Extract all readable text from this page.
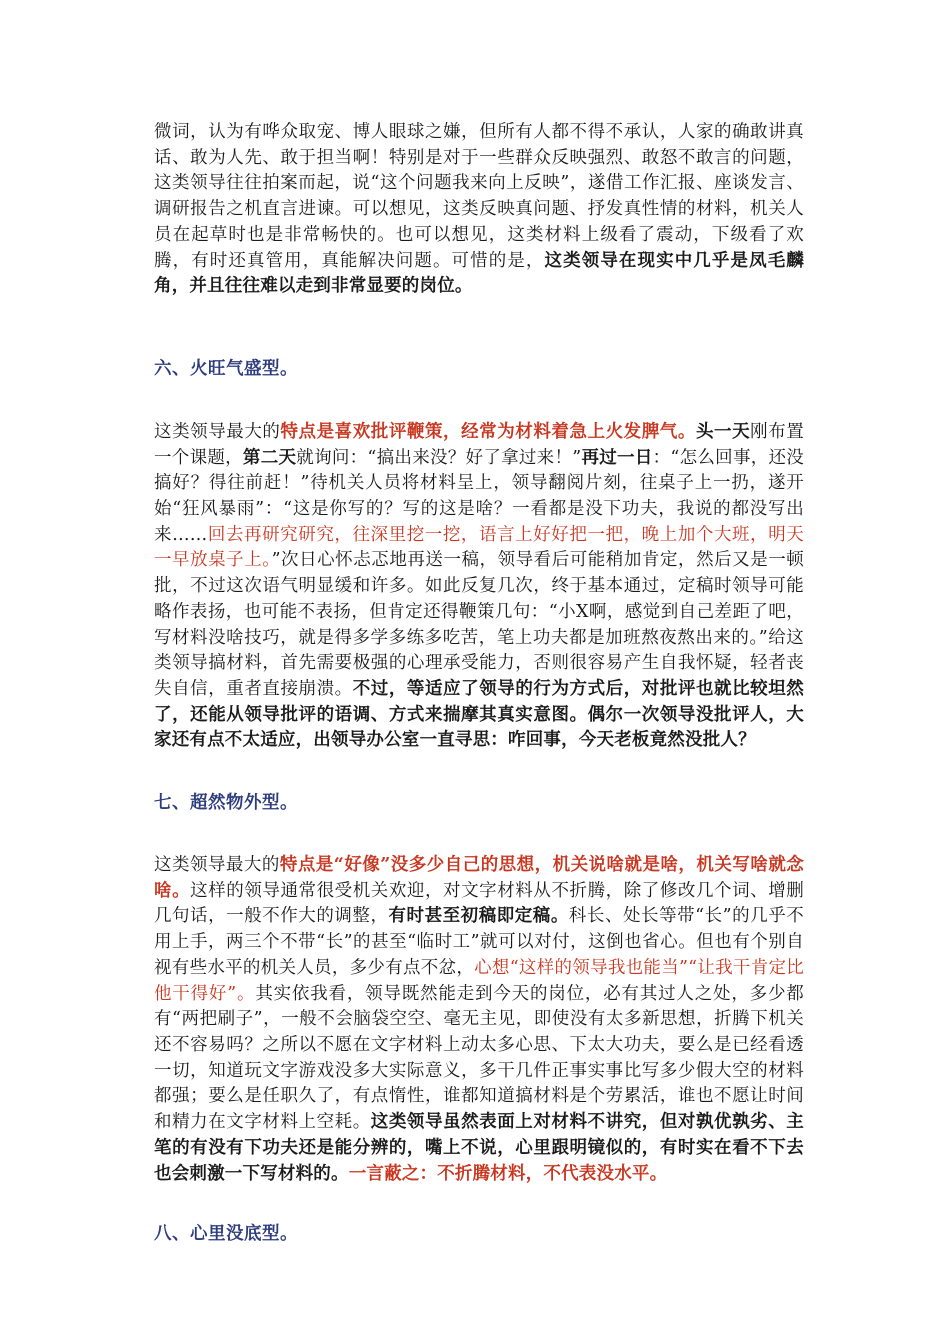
微词，认为有哗众取宠、博人眼球之嫌，但所有人都不得不承认，人家的确敢讲真话、敢为人先、敢于担当啊！特别是对于一些群众反映强烈、敢怒不敢言的问题，这类领导往往拍案而起，说“这个问题我来向上反映”，遂借工作汇报、座谈发言、调研报告之机直言进谏。可以想见，这类反映真问题、抒发真性情的材料，机关人员在起草时也是非常畅快的。也可以想见，这类材料上级看了震动，下级看了欢腾，有时还真管用，真能解决问题。可惜的是，这类领导在现实中几乎是凤毛麟角，并且往往难以走到非常显要的岗位。

六、火旺气盛型。

这类领导最大的特点是喜欢批评鞭策，经常为材料着急上火发脾气。头一天刚布置一个课题，第二天就询问：“搞出来没？好了拿过来！”再过一日：“怎么回事，还没搞好？得往前赶！”待机关人员将材料呈上，领导翻阅片刻，往桌子上一扔，遂开始“狂风暴雨”：“这是你写的？写的这是啥？一看都是没下功夫，我说的都没写出来……回去再研究研究，往深里挖一挖，语言上好好把一把，晚上加个大班，明天一早放桌子上。”次日心怀忐忑地再送一稿，领导看后可能稍加肯定，然后又是一顿批，不过这次语气明显缓和许多。如此反复几次，终于基本通过，定稿时领导可能略作表扬，也可能不表扬，但肯定还得鞭策几句：“小X啊，感觉到自己差距了吧，写材料没啥技巧，就是得多学多练多吃苦，笔上功夫都是加班熬夜熬出来的。”给这类领导搞材料，首先需要极强的心理承受能力，否则很容易产生自我怀疑，轻者丧失自信，重者直接崩溃。不过，等适应了领导的行为方式后，对批评也就比较坦然了，还能从领导批评的语调、方式来揣摩其真实意图。偶尔一次领导没批评人，大家还有点不太适应，出领导办公室一直寻思：咋回事，今天老板竟然没批人？

七、超然物外型。

这类领导最大的特点是“好像”没多少自己的思想，机关说啥就是啥，机关写啥就念啥。这样的领导通常很受机关欢迎，对文字材料从不折腾，除了修改几个词、增删几句话，一般不作大的调整，有时甚至初稿即定稿。科长、处长等带“长”的几乎不用上手，两三个不带“长”的甚至“临时工”就可以对付，这倒也省心。但也有个别自视有些水平的机关人员，多少有点不忿，心想“这样的领导我也能当”“让我干肯定比他干得好”。其实依我看，领导既然能走到今天的岗位，必有其过人之处，多少都有“两把刷子”，一般不会脑袋空空、毫无主见，即使没有太多新思想，折腾下机关还不容易吗？之所以不愿在文字材料上动太多心思、下太大功夫，要么是已经看透一切，知道玩文字游戏没多大实际意义，多干几件正事实事比写多少假大空的材料都强；要么是任职久了，有点惰性，谁都知道搞材料是个劳累活，谁也不愿让时间和精力在文字材料上空耗。这类领导虽然表面上对材料不讲究，但对孰优孰劣、主笔的有没有下功夫还是能分辨的，嘴上不说，心里跟明镜似的，有时实在看不下去也会刺激一下写材料的。一言蔽之：不折腾材料，不代表没水平。

八、心里没底型。
